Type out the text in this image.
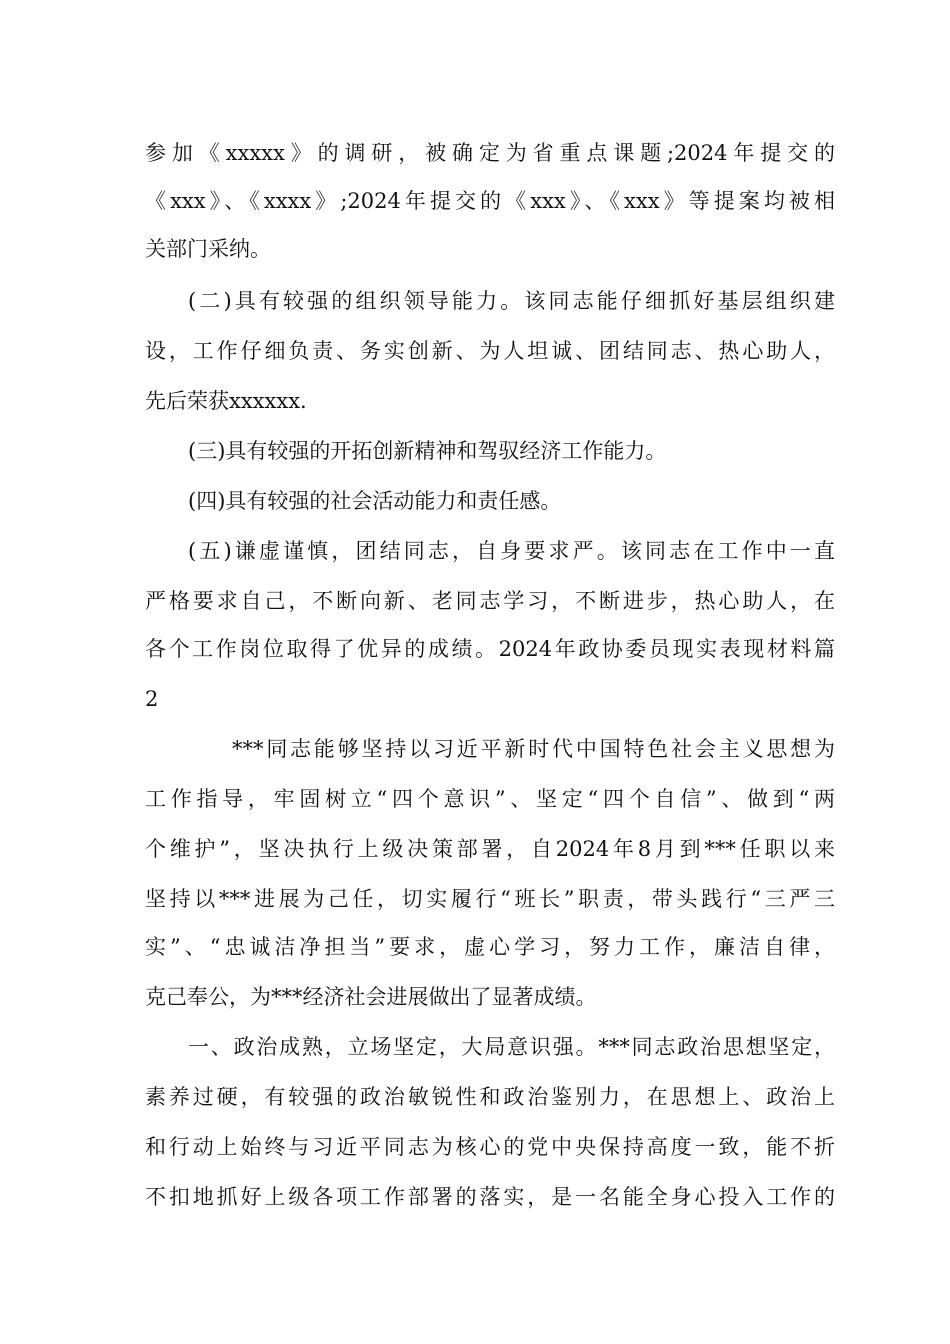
参加《xxxxx》的调研，被确定为省重点课题;2024年提交的
《xxx》、《xxxx》;2024年提交的《xxx》、《xxx》等提案均被相
关部门采纳。
(二)具有较强的组织领导能力。该同志能仔细抓好基层组织建
设，工作仔细负责、务实创新、为人坦诚、团结同志、热心助人，
先后荣获xxxxxx.
(三)具有较强的开拓创新精神和驾驭经济工作能力。
(四)具有较强的社会活动能力和责任感。
(五)谦虚谨慎，团结同志，自身要求严。该同志在工作中一直
严格要求自己，不断向新、老同志学习，不断进步，热心助人，在
各个工作岗位取得了优异的成绩。2024年政协委员现实表现材料篇
2
***同志能够坚持以习近平新时代中国特色社会主义思想为
工作指导，牢固树立“四个意识”、坚定“四个自信”、做到“两
个维护”，坚决执行上级决策部署，自2024年8月到***任职以来
坚持以***进展为己任，切实履行“班长”职责，带头践行“三严三
实”、“忠诚洁净担当”要求，虚心学习，努力工作，廉洁自律，
克己奉公，为***经济社会进展做出了显著成绩。
一、政治成熟，立场坚定，大局意识强。***同志政治思想坚定，
素养过硬，有较强的政治敏锐性和政治鉴别力，在思想上、政治上
和行动上始终与习近平同志为核心的党中央保持高度一致，能不折
不扣地抓好上级各项工作部署的落实，是一名能全身心投入工作的
